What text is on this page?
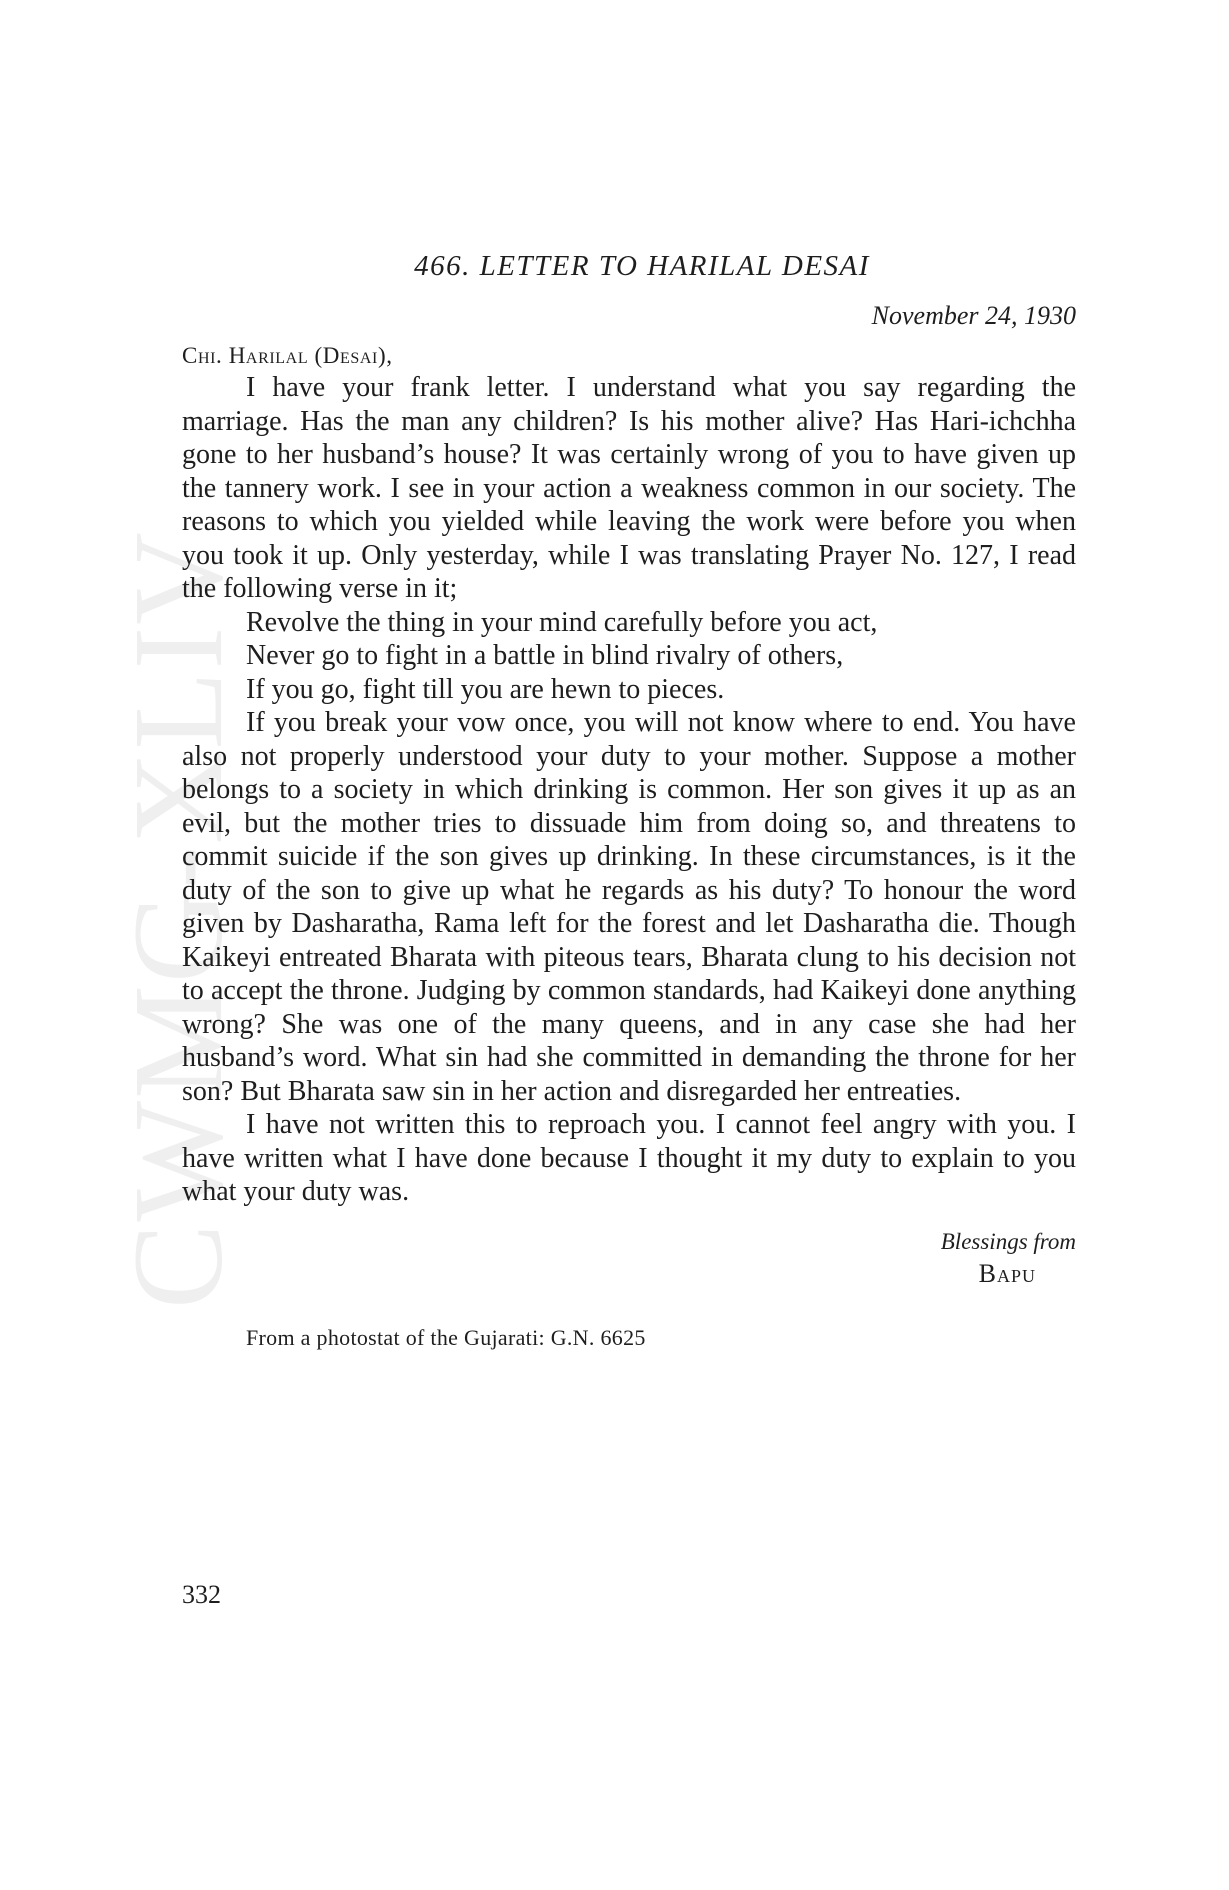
CWMG-XLIV
466. LETTER TO HARILAL DESAI
November 24, 1930
Chi. Harilal (Desai),

I have your frank letter. I understand what you say regarding the marriage. Has the man any children? Is his mother alive? Has Hari-ichchha gone to her husband’s house? It was certainly wrong of you to have given up the tannery work. I see in your action a weakness common in our society. The reasons to which you yielded while leaving the work were before you when you took it up. Only yesterday, while I was translating Prayer No. 127, I read the following verse in it;

Revolve the thing in your mind carefully before you act,
Never go to fight in a battle in blind rivalry of others,
If you go, fight till you are hewn to pieces.

If you break your vow once, you will not know where to end. You have also not properly understood your duty to your mother. Suppose a mother belongs to a society in which drinking is common. Her son gives it up as an evil, but the mother tries to dissuade him from doing so, and threatens to commit suicide if the son gives up drinking. In these circumstances, is it the duty of the son to give up what he regards as his duty? To honour the word given by Dasharatha, Rama left for the forest and let Dasharatha die. Though Kaikeyi entreated Bharata with piteous tears, Bharata clung to his decision not to accept the throne. Judging by common standards, had Kaikeyi done anything wrong? She was one of the many queens, and in any case she had her husband’s word. What sin had she committed in demanding the throne for her son? But Bharata saw sin in her action and disregarded her entreaties.

I have not written this to reproach you. I cannot feel angry with you. I have written what I have done because I thought it my duty to explain to you what your duty was.

Blessings from
Bapu
From a photostat of the Gujarati: G.N. 6625
332
